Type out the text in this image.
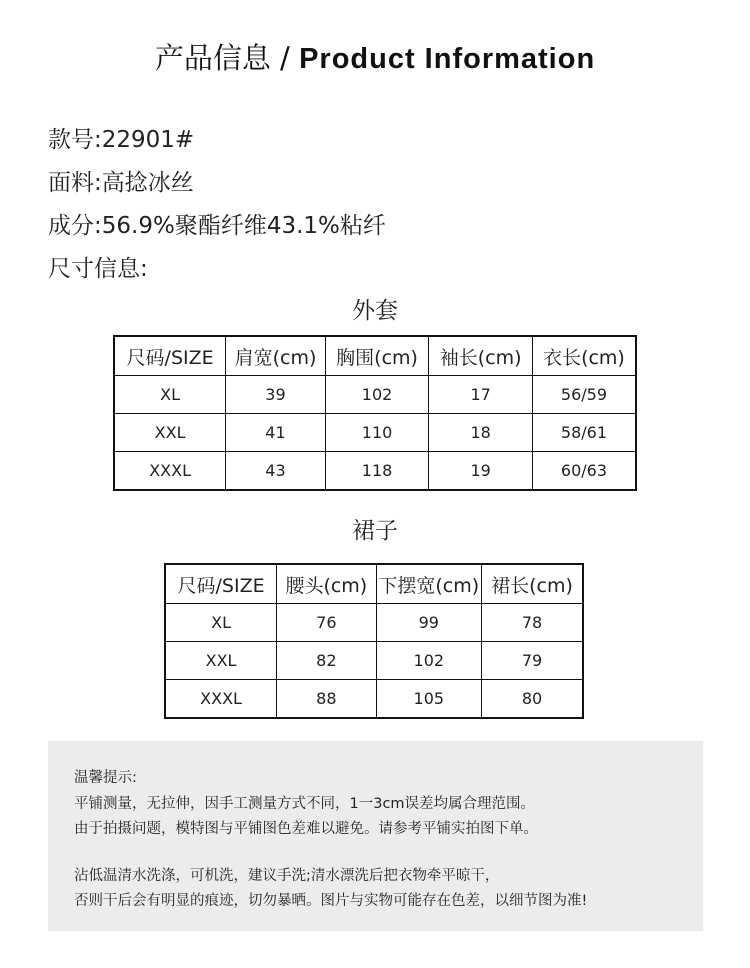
产品信息 / Product Information
款号:22901#
面料:高捻冰丝
成分:56.9%聚酯纤维43.1%粘纤
尺寸信息:
外套
尺码/SIZE	肩宽(cm)	胸围(cm)	袖长(cm)	衣长(cm)
XL	39	102	17	56/59
XXL	41	110	18	58/61
XXXL	43	118	19	60/63
裙子
尺码/SIZE	腰头(cm)	下摆宽(cm)	裙长(cm)
XL	76	99	78
XXL	82	102	79
XXXL	88	105	80

温馨提示:

平铺测量，无拉伸，因手工测量方式不同，1一3cm误差均属合理范围。

由于拍摄问题，模特图与平铺图色差难以避免。请参考平铺实拍图下单。

沾低温清水洗涤，可机洗，建议手洗;清水漂洗后把衣物牵平晾干，

否则干后会有明显的痕迹，切勿暴晒。图片与实物可能存在色差，以细节图为准!
